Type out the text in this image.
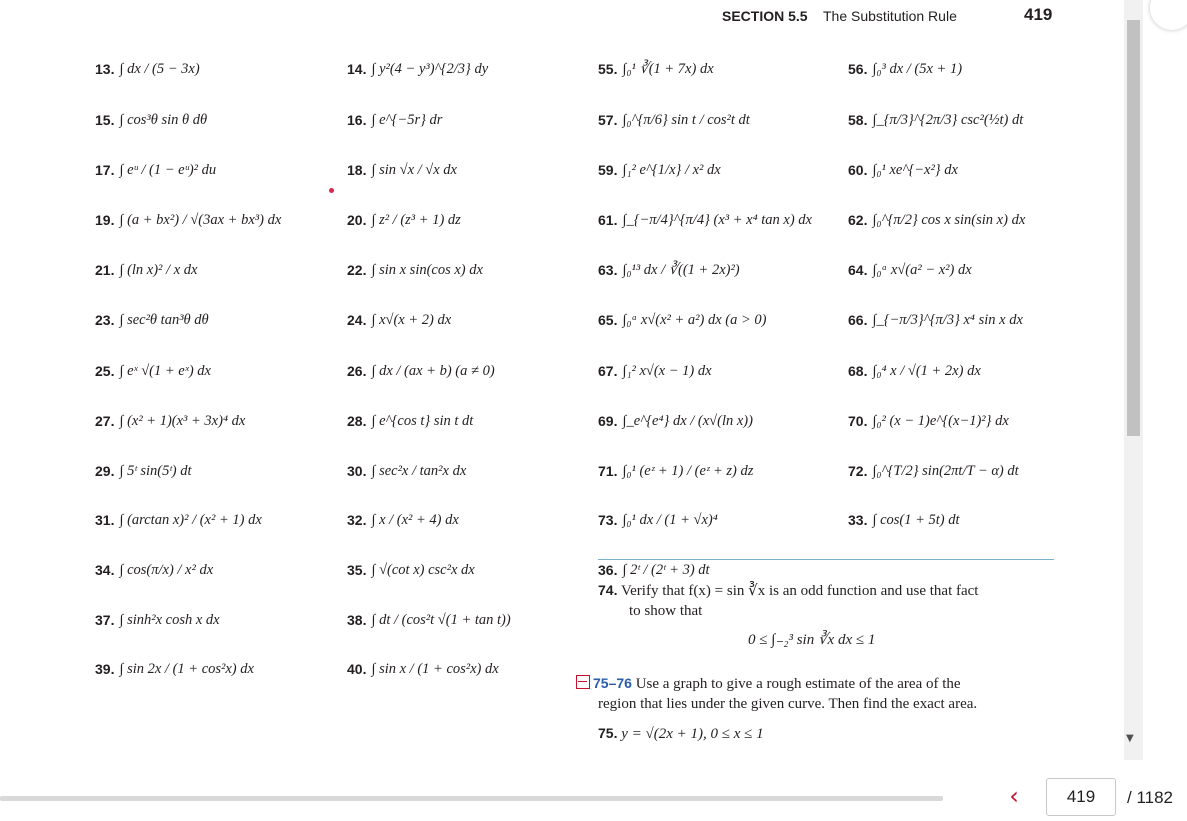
SECTION 5.5 The Substitution Rule	419
13. ∫ dx / (5 − 3x)	14. ∫ y²(4 − y³)^{2/3} dy	55. ∫₀¹ ∛(1 + 7x) dx	56. ∫₀³ dx / (5x + 1)
15. ∫ cos³θ sin θ dθ	16. ∫ e^{−5r} dr	57. ∫₀^{π/6} sin t / cos²t dt	58. ∫_{π/3}^{2π/3} csc²(½t) dt
17. ∫ eᵘ / (1 − eᵘ)² du	18. ∫ sin √x / √x dx	59. ∫₁² e^{1/x} / x² dx	60. ∫₀¹ xe^{−x²} dx
19. ∫ (a + bx²) / √(3ax + bx³) dx	20. ∫ z² / (z³ + 1) dz	61. ∫_{−π/4}^{π/4} (x³ + x⁴ tan x) dx	62. ∫₀^{π/2} cos x sin(sin x) dx
21. ∫ (ln x)² / x dx	22. ∫ sin x sin(cos x) dx	63. ∫₀¹³ dx / ∛((1 + 2x)²)	64. ∫₀ᵃ x√(a² − x²) dx
23. ∫ sec²θ tan³θ dθ	24. ∫ x√(x + 2) dx	65. ∫₀ᵃ x√(x² + a²) dx (a > 0)	66. ∫_{−π/3}^{π/3} x⁴ sin x dx
25. ∫ eˣ √(1 + eˣ) dx	26. ∫ dx / (ax + b) (a ≠ 0)	67. ∫₁² x√(x − 1) dx	68. ∫₀⁴ x / √(1 + 2x) dx
27. ∫ (x² + 1)(x³ + 3x)⁴ dx	28. ∫ e^{cos t} sin t dt	69. ∫_e^{e⁴} dx / (x√(ln x))	70. ∫₀² (x − 1)e^{(x−1)²} dx
29. ∫ 5ᵗ sin(5ᵗ) dt	30. ∫ sec²x / tan²x dx	71. ∫₀¹ (eᶻ + 1) / (eᶻ + z) dz	72. ∫₀^{T/2} sin(2πt/T − α) dt
31. ∫ (arctan x)² / (x² + 1) dx	32. ∫ x / (x² + 4) dx	73. ∫₀¹ dx / (1 + √x)⁴	33. ∫ cos(1 + 5t) dt
34. ∫ cos(π/x) / x² dx	35. ∫ √(cot x) csc²x dx	36. ∫ 2ᵗ / (2ᵗ + 3) dt
37. ∫ sinh²x cosh x dx	38. ∫ dt / (cos²t √(1 + tan t))
39. ∫ sin 2x / (1 + cos²x) dx	40. ∫ sin x / (1 + cos²x) dx
74. Verify that f(x) = sin ∛x is an odd function and use that fact
to show that
0 ≤ ∫₋₂³ sin ∛x dx ≤ 1
75–76 Use a graph to give a rough estimate of the area of the
region that lies under the given curve. Then find the exact area.
75. y = √(2x + 1), 0 ≤ x ≤ 1	▼
‹	419	/ 1182
